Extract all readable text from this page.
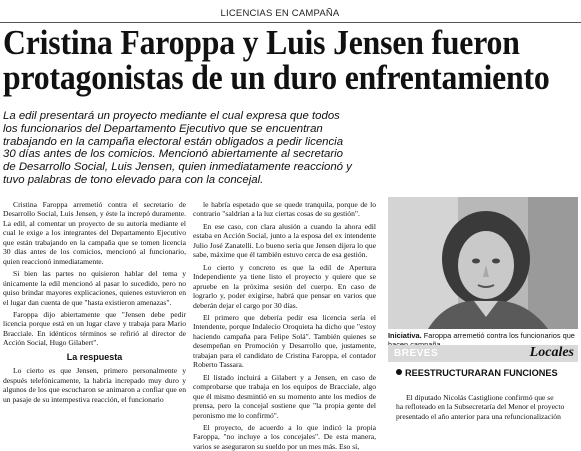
LICENCIAS EN CAMPAÑA
Cristina Faroppa y Luis Jensen fueron
protagonistas de un duro enfrentamiento
La edil presentará un proyecto mediante el cual expresa que todos
los funcionarios del Departamento Ejecutivo que se encuentran
trabajando en la campaña electoral están obligados a pedir licencia
30 días antes de los comicios. Mencionó abiertamente al secretario
de Desarrollo Social, Luis Jensen, quien inmediatamente reaccionó y
tuvo palabras de tono elevado para con la concejal.

Cristina Faroppa arremetió contra el secretario de Desarrollo Social, Luis Jensen, y éste la increpó duramente. La edil, al comentar un proyecto de su autoría mediante el cual le exige a los integrantes del Departamento Ejecutivo que están trabajando en la campaña que se tomen licencia 30 días antes de los comicios, mencionó al funcionario, quien reaccionó inmediatamente.

Si bien las partes no quisieron hablar del tema y únicamente la edil mencionó al pasar lo sucedido, pero no quiso brindar mayores explicaciones, quienes estuvieron en el lugar dan cuenta de que "hasta existieron amenazas".

Faroppa dijo abiertamente que "Jensen debe pedir licencia porque está en un lugar clave y trabaja para Mario Bracciale. En idénticos términos se refirió al director de Acción Social, Hugo Gilabert".

La respuesta

Lo cierto es que Jensen, primero personalmente y después telefónicamente, la habría increpado muy duro y algunos de los que escucharon se animaron a confiar que en un pasaje de su intempestiva reacción, el funcionario

le habría espetado que se quede tranquila, porque de lo contrario "saldrían a la luz ciertas cosas de su gestión".

En ese caso, con clara alusión a cuando la ahora edil estaba en Acción Social, junto a la esposa del ex intendente Julio José Zanatelli. Lo bueno sería que Jensen dijera lo que sabe, máxime que él también estuvo cerca de esa gestión.

Lo cierto y concreto es que la edil de Apertura Independiente ya tiene listo el proyecto y quiere que se apruebe en la próxima sesión del cuerpo. En caso de lograrlo y, poder exigirse, habrá que pensar en varios que deberán dejar el cargo por 30 días.

El primero que debería pedir esa licencia sería el Intendente, porque Indalecio Oroquieta ha dicho que "estoy haciendo campaña para Felipe Solá". También quienes se desempeñan en Promoción y Desarrollo que, justamente, trabajan para el candidato de Cristina Faroppa, el contador Roberto Tassara.

El listado incluirá a Gilabert y a Jensen, en caso de comprobarse que trabaja en los equipos de Bracciale, algo que él mismo desmintió en su momento ante los medios de prensa, pero la concejal sostiene que "la propia gente del peronismo me lo confirmó".

El proyecto, de acuerdo a lo que indicó la propia Faroppa, "no incluye a los concejales". De esta manera, varios se aseguraron su sueldo por un mes más. Eso sí,

Iniciativa. Faroppa arremetió contra los funcionarios que
BREVES	Locales
REESTRUCTURARAN FUNCIONES
El diputado Nicolás Castiglione confirmó que se
ha refloteado en la Subsecretaría del Menor el proyecto
presentado el año anterior para una refuncionalización
